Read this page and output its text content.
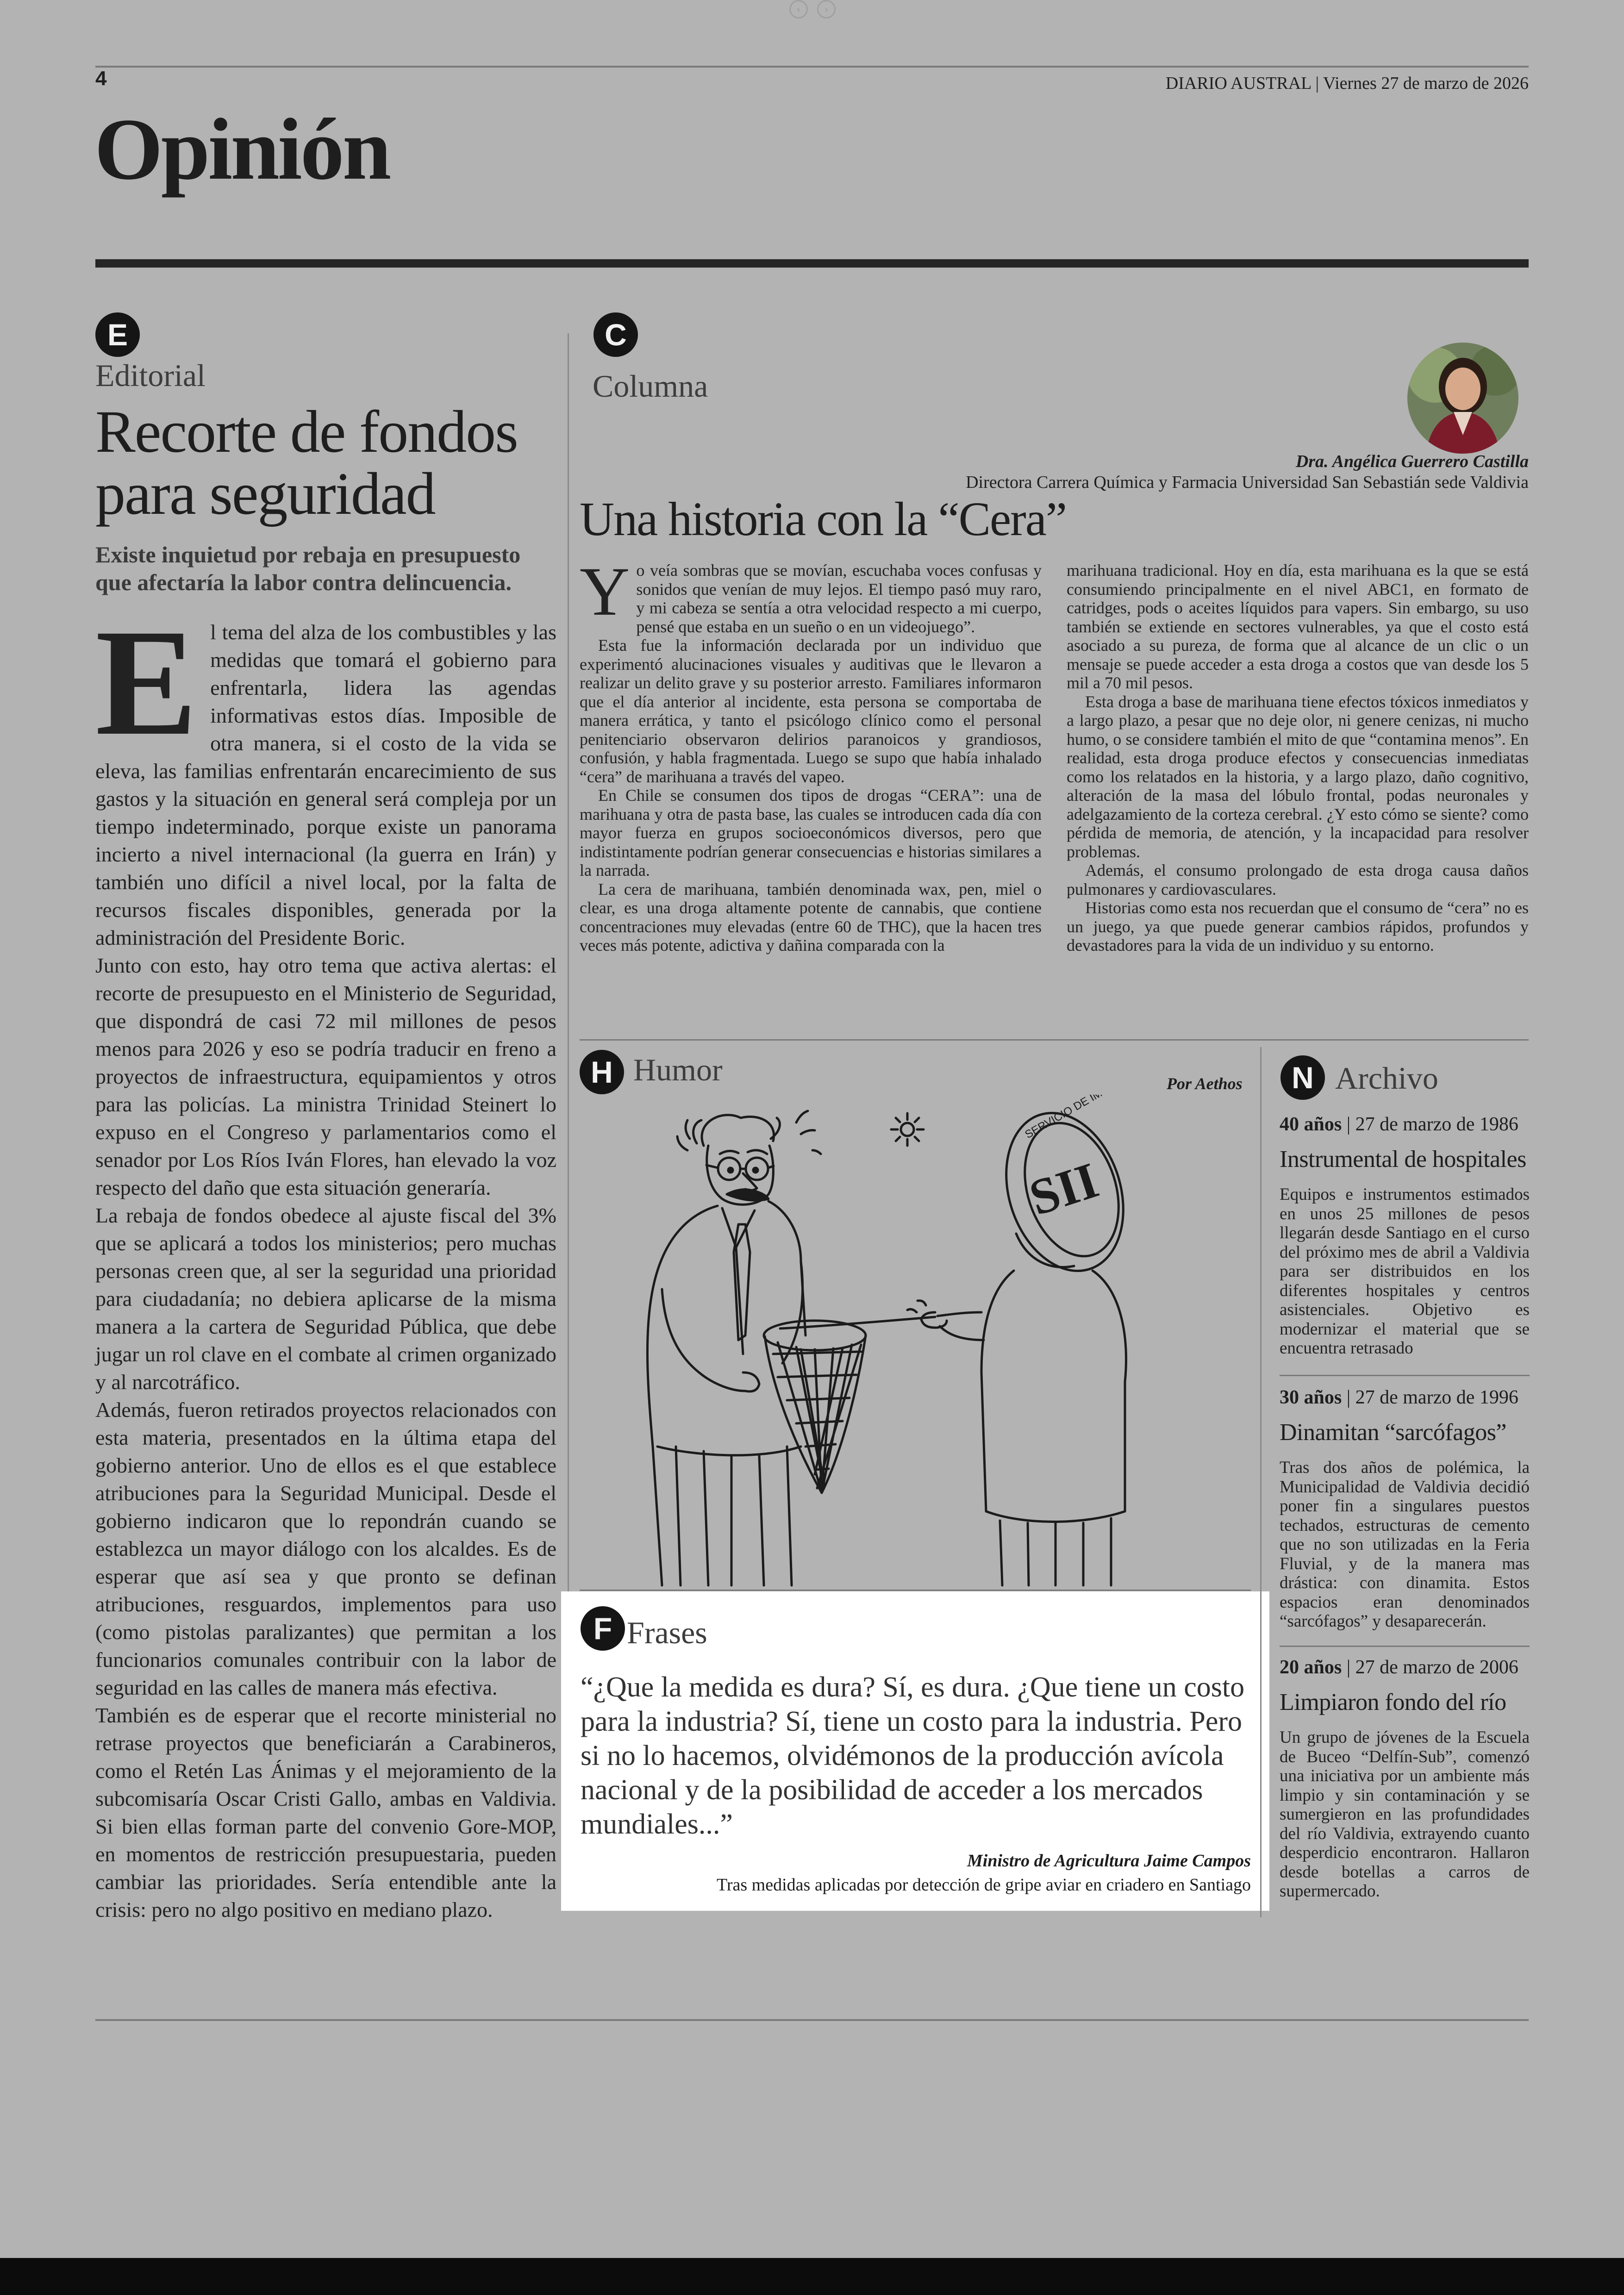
‹	›
4	DIARIO AUSTRAL | Viernes 27 de marzo de 2026
Opinión
E
Editorial
Recorte de fondos
para seguridad
Existe inquietud por rebaja en presupuesto que afectaría la labor contra delincuencia.

El tema del alza de los combustibles y las medidas que tomará el gobierno para enfrentarla, lidera las agendas informativas estos días. Imposible de otra manera, si el costo de la vida se eleva, las familias enfrentarán encarecimiento de sus gastos y la situación en general será compleja por un tiempo indeterminado, porque existe un panorama incierto a nivel internacional (la guerra en Irán) y también uno difícil a nivel local, por la falta de recursos fiscales disponibles, generada por la administración del Presidente Boric.

Junto con esto, hay otro tema que activa alertas: el recorte de presupuesto en el Ministerio de Seguridad, que dispondrá de casi 72 mil millones de pesos menos para 2026 y eso se podría traducir en freno a proyectos de infraestructura, equipamientos y otros para las policías. La ministra Trinidad Steinert lo expuso en el Congreso y parlamentarios como el senador por Los Ríos Iván Flores, han elevado la voz respecto del daño que esta situación generaría.

La rebaja de fondos obedece al ajuste fiscal del 3% que se aplicará a todos los ministerios; pero muchas personas creen que, al ser la seguridad una prioridad para ciudadanía; no debiera aplicarse de la misma manera a la cartera de Seguridad Pública, que debe jugar un rol clave en el combate al crimen organizado y al narcotráfico.

Además, fueron retirados proyectos relacionados con esta materia, presentados en la última etapa del gobierno anterior. Uno de ellos es el que establece atribuciones para la Seguridad Municipal. Desde el gobierno indicaron que lo repondrán cuando se establezca un mayor diálogo con los alcaldes. Es de esperar que así sea y que pronto se definan atribuciones, resguardos, implementos para uso (como pistolas paralizantes) que permitan a los funcionarios comunales contribuir con la labor de seguridad en las calles de manera más efectiva.

También es de esperar que el recorte ministerial no retrase proyectos que beneficiarán a Carabineros, como el Retén Las Ánimas y el mejoramiento de la subcomisaría Oscar Cristi Gallo, ambas en Valdivia. Si bien ellas forman parte del convenio Gore-MOP, en momentos de restricción presupuestaria, pueden cambiar las prioridades. Sería entendible ante la crisis: pero no algo positivo en mediano plazo.

C
Columna
Dra. Angélica Guerrero Castilla
Directora Carrera Química y Farmacia Universidad San Sebastián sede Valdivia
Una historia con la “Cera”

Yo veía sombras que se movían, escuchaba voces confusas y sonidos que venían de muy lejos. El tiempo pasó muy raro, y mi cabeza se sentía a otra velocidad respecto a mi cuerpo, pensé que estaba en un sueño o en un videojuego”.

Esta fue la información declarada por un individuo que experimentó alucinaciones visuales y auditivas que le llevaron a realizar un delito grave y su posterior arresto. Familiares informaron que el día anterior al incidente, esta persona se comportaba de manera errática, y tanto el psicólogo clínico como el personal penitenciario observaron delirios paranoicos y grandiosos, confusión, y habla fragmentada. Luego se supo que había inhalado “cera” de marihuana a través del vapeo.

En Chile se consumen dos tipos de drogas “CERA”: una de marihuana y otra de pasta base, las cuales se introducen cada día con mayor fuerza en grupos socioeconómicos diversos, pero que indistintamente podrían generar consecuencias e historias similares a la narrada.

La cera de marihuana, también denominada wax, pen, miel o clear, es una droga altamente potente de cannabis, que contiene concentraciones muy elevadas (entre 60 de THC), que la hacen tres veces más potente, adictiva y dañina comparada con la

marihuana tradicional. Hoy en día, esta marihuana es la que se está consumiendo principalmente en el nivel ABC1, en formato de catridges, pods o aceites líquidos para vapers. Sin embargo, su uso también se extiende en sectores vulnerables, ya que el costo está asociado a su pureza, de forma que al alcance de un clic o un mensaje se puede acceder a esta droga a costos que van desde los 5 mil a 70 mil pesos.

Esta droga a base de marihuana tiene efectos tóxicos inmediatos y a largo plazo, a pesar que no deje olor, ni genere cenizas, ni mucho humo, o se considere también el mito de que “contamina menos”. En realidad, esta droga produce efectos y consecuencias inmediatas como los relatados en la historia, y a largo plazo, daño cognitivo, alteración de la masa del lóbulo frontal, podas neuronales y adelgazamiento de la corteza cerebral. ¿Y esto cómo se siente? como pérdida de memoria, de atención, y la incapacidad para resolver problemas.

Además, el consumo prolongado de esta droga causa daños pulmonares y cardiovasculares.

Historias como esta nos recuerdan que el consumo de “cera” no es un juego, ya que puede generar cambios rápidos, profundos y devastadores para la vida de un individuo y su entorno.

H Humor	Por Aethos
SII
F Frases
“¿Que la medida es dura? Sí, es dura. ¿Que tiene un costo para la industria? Sí, tiene un costo para la industria. Pero si no lo hacemos, olvidémonos de la producción avícola nacional y de la posibilidad de acceder a los mercados mundiales...”
Ministro de Agricultura Jaime Campos
Tras medidas aplicadas por detección de gripe aviar en criadero en Santiago
N Archivo
40 años | 27 de marzo de 1986
Instrumental de hospitales
Equipos e instrumentos estimados en unos 25 millones de pesos llegarán desde Santiago en el curso del próximo mes de abril a Valdivia para ser distribuidos en los diferentes hospitales y centros asistenciales. Objetivo es modernizar el material que se encuentra retrasado
30 años | 27 de marzo de 1996
Dinamitan “sarcófagos”
Tras dos años de polémica, la Municipalidad de Valdivia decidió poner fin a singulares puestos techados, estructuras de cemento que no son utilizadas en la Feria Fluvial, y de la manera mas drástica: con dinamita. Estos espacios eran denominados “sarcófagos” y desaparecerán.
20 años | 27 de marzo de 2006
Limpiaron fondo del río
Un grupo de jóvenes de la Escuela de Buceo “Delfín-Sub”, comenzó una iniciativa por un ambiente más limpio y sin contaminación y se sumergieron en las profundidades del río Valdivia, extrayendo cuanto desperdicio encontraron. Hallaron desde botellas a carros de supermercado.
